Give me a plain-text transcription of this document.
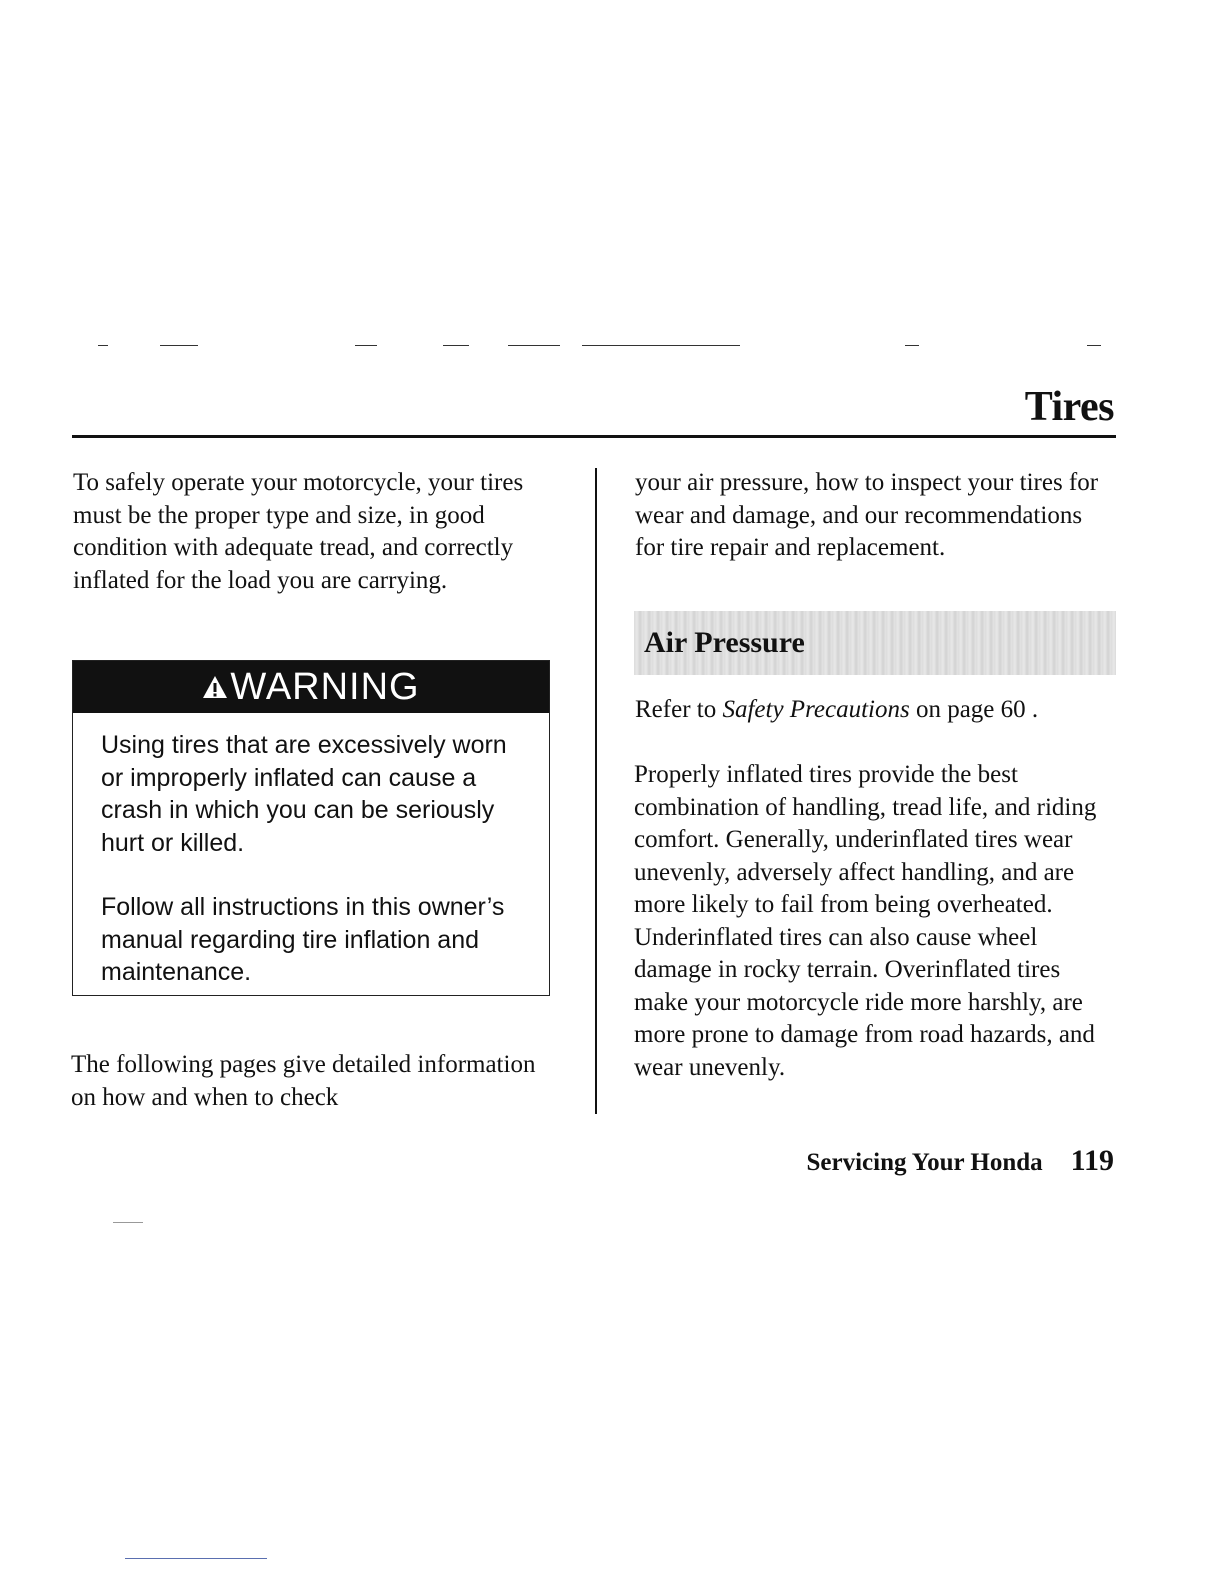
Tires

To safely operate your motorcycle, your tires must be the proper type and size, in good condition with adequate tread, and correctly inflated for the load you are carrying.

WARNING

Using tires that are excessively worn or improperly inflated can cause a crash in which you can be seriously hurt or killed.

Follow all instructions in this owner’s manual regarding tire inflation and maintenance.

The following pages give detailed information on how and when to check

your air pressure, how to inspect your tires for wear and damage, and our recommendations for tire repair and replacement.

Air Pressure

Refer to Safety Precautions on page 60 .

Properly inflated tires provide the best combination of handling, tread life, and riding comfort. Generally, underinflated tires wear unevenly, adversely affect handling, and are more likely to fail from being overheated. Underinflated tires can also cause wheel damage in rocky terrain. Overinflated tires make your motorcycle ride more harshly, are more prone to damage from road hazards, and wear unevenly.

Servicing Your Honda 119
